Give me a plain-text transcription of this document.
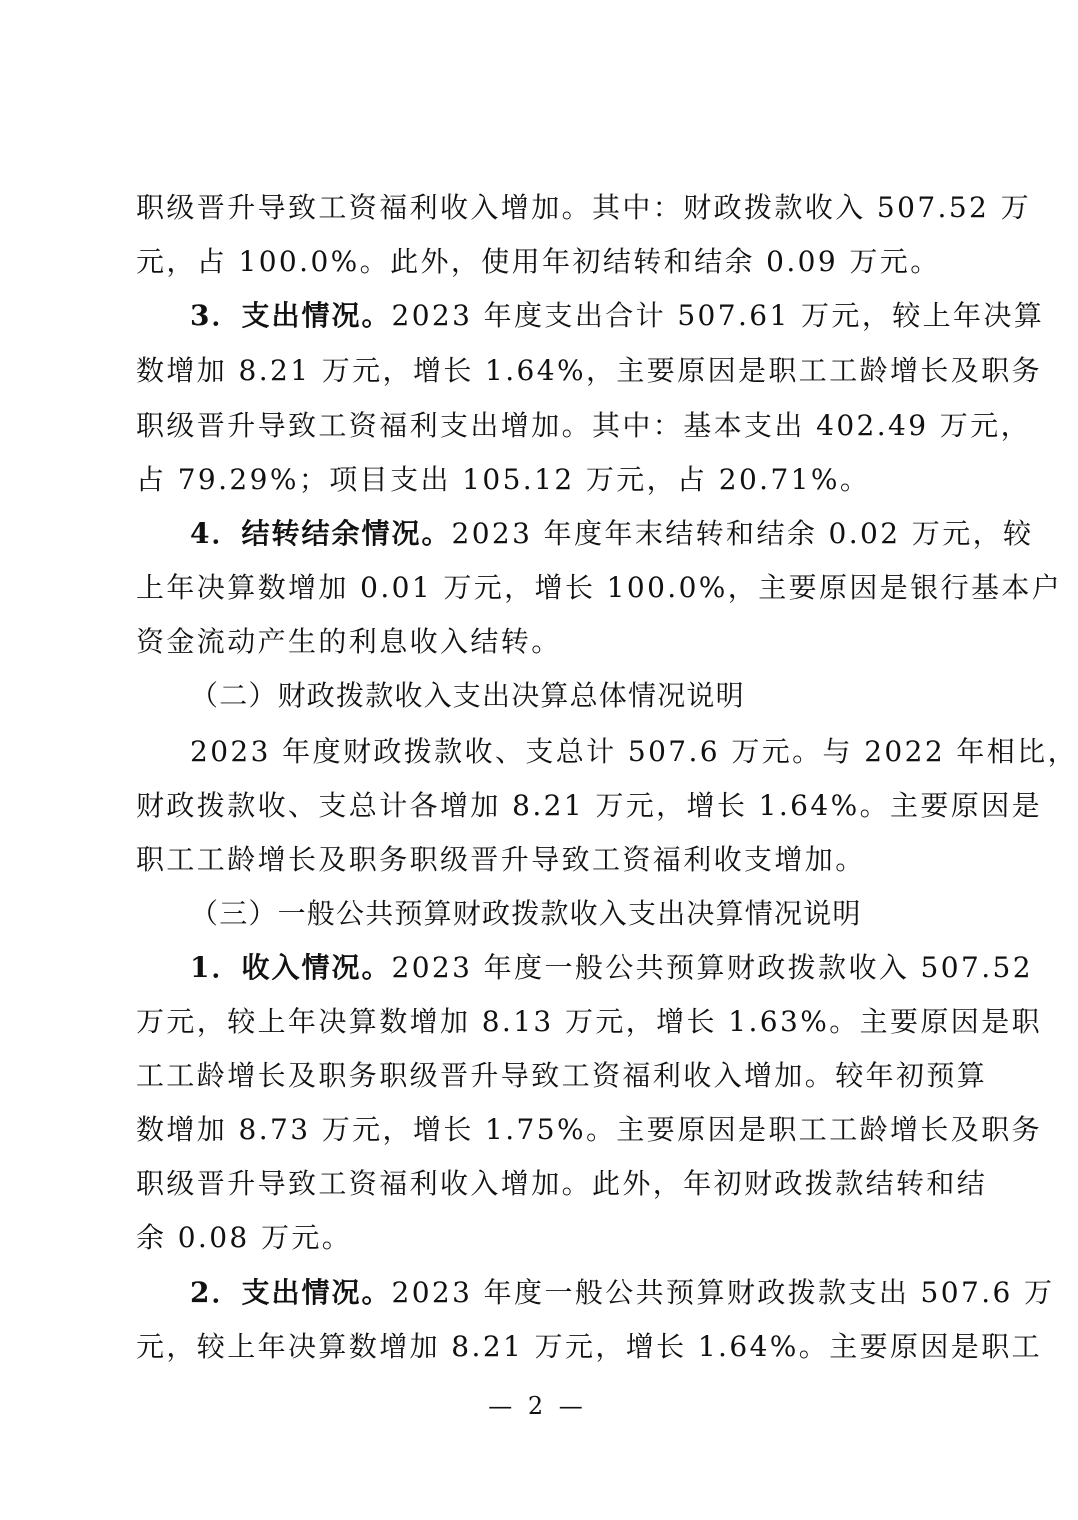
职级晋升导致工资福利收入增加。其中：财政拨款收入 507.52 万
元，占 100.0%。此外，使用年初结转和结余 0.09 万元。
3．支出情况。2023 年度支出合计 507.61 万元，较上年决算
数增加 8.21 万元，增长 1.64%，主要原因是职工工龄增长及职务
职级晋升导致工资福利支出增加。其中：基本支出 402.49 万元，
占 79.29%；项目支出 105.12 万元，占 20.71%。
4．结转结余情况。2023 年度年末结转和结余 0.02 万元，较
上年决算数增加 0.01 万元，增长 100.0%，主要原因是银行基本户
资金流动产生的利息收入结转。
（二）财政拨款收入支出决算总体情况说明
2023 年度财政拨款收、支总计 507.6 万元。与 2022 年相比，
财政拨款收、支总计各增加 8.21 万元，增长 1.64%。主要原因是
职工工龄增长及职务职级晋升导致工资福利收支增加。
（三）一般公共预算财政拨款收入支出决算情况说明
1．收入情况。2023 年度一般公共预算财政拨款收入 507.52
万元，较上年决算数增加 8.13 万元，增长 1.63%。主要原因是职
工工龄增长及职务职级晋升导致工资福利收入增加。较年初预算
数增加 8.73 万元，增长 1.75%。主要原因是职工工龄增长及职务
职级晋升导致工资福利收入增加。此外，年初财政拨款结转和结
余 0.08 万元。
2．支出情况。2023 年度一般公共预算财政拨款支出 507.6 万
元，较上年决算数增加 8.21 万元，增长 1.64%。主要原因是职工
— 2 —
